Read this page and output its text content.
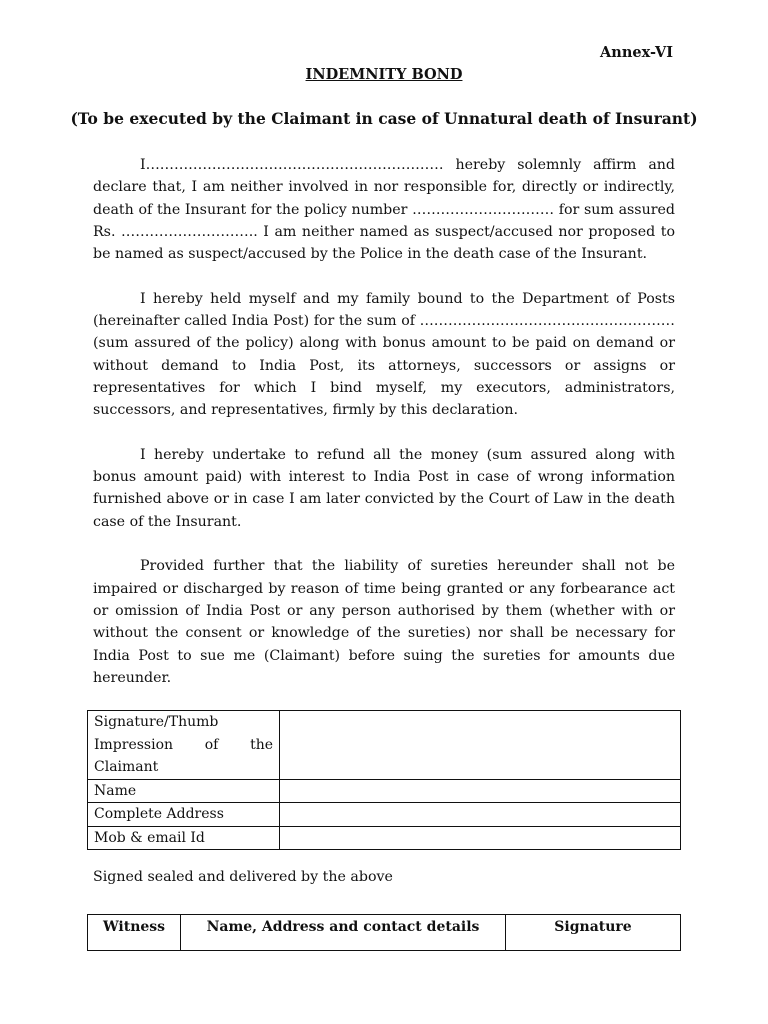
Annex-VI
INDEMNITY BOND
(To be executed by the Claimant in case of Unnatural death of Insurant)

I……………………………………………………… hereby solemnly affirm and declare that, I am neither involved in nor responsible for, directly or indirectly, death of the Insurant for the policy number ………………………… for sum assured Rs. ……………………….. I am neither named as suspect/accused nor proposed to be named as suspect/accused by the Police in the death case of the Insurant.

I hereby held myself and my family bound to the Department of Posts (hereinafter called India Post) for the sum of ……………………………………………… (sum assured of the policy) along with bonus amount to be paid on demand or without demand to India Post, its attorneys, successors or assigns or representatives for which I bind myself, my executors, administrators, successors, and representatives, firmly by this declaration.

I hereby undertake to refund all the money (sum assured along with bonus amount paid) with interest to India Post in case of wrong information furnished above or in case I am later convicted by the Court of Law in the death case of the Insurant.

Provided further that the liability of sureties hereunder shall not be impaired or discharged by reason of time being granted or any forbearance act or omission of India Post or any person authorised by them (whether with or without the consent or knowledge of the sureties) nor shall be necessary for India Post to sue me (Claimant) before suing the sureties for amounts due hereunder.

Signature/Thumb
Impression of the
Claimant	

Name	
Complete Address	
Mob & email Id	
Signed sealed and delivered by the above
Witness	Name, Address and contact details	Signature
